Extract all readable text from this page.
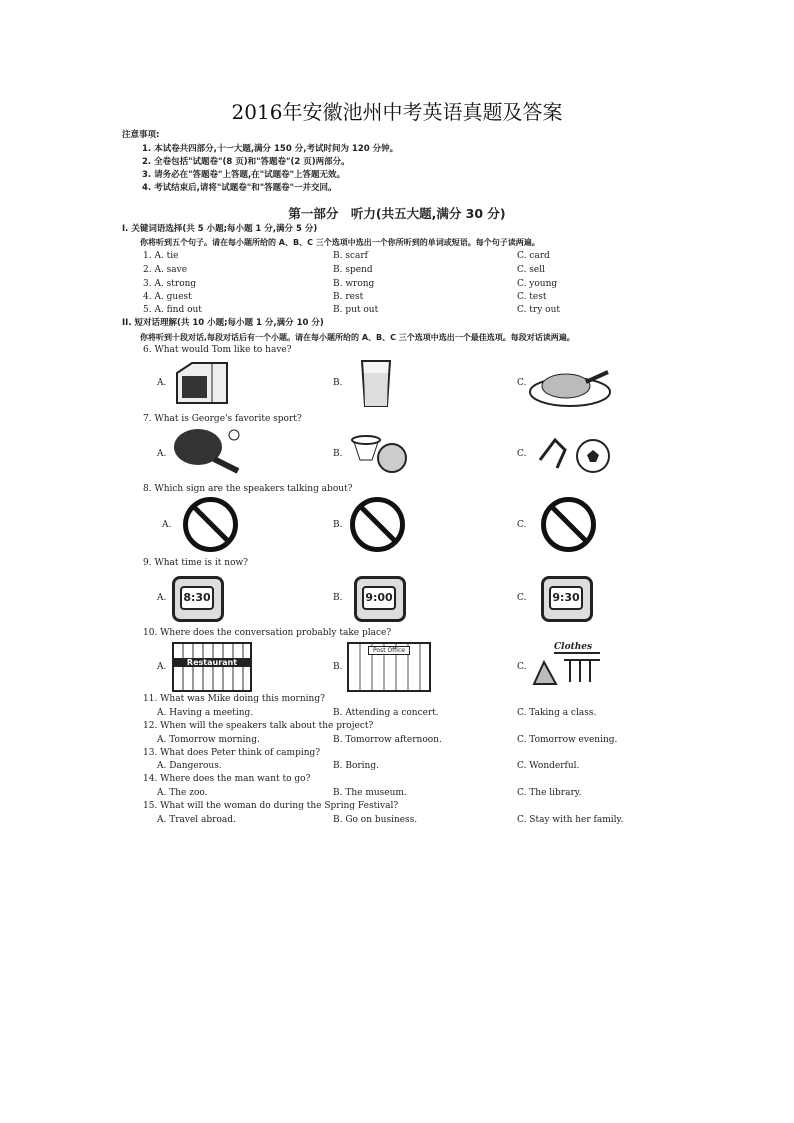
2016年安徽池州中考英语真题及答案
注意事项:
1. 本试卷共四部分,十一大题,满分 150 分,考试时间为 120 分钟。
2. 全卷包括"试题卷"(8 页)和"答题卷"(2 页)两部分。
3. 请务必在"答题卷"上答题,在"试题卷"上答题无效。
4. 考试结束后,请将"试题卷"和"答题卷"一并交回。
第一部分　听力(共五大题,满分 30 分)
I. 关键词语选择(共 5 小题;每小题 1 分,满分 5 分)
你将听到五个句子。请在每小题所给的 A、B、C 三个选项中选出一个你所听到的单词或短语。每个句子读两遍。
1. A. tie	B. scarf	C. card
2. A. save	B. spend	C. sell
3. A. strong	B. wrong	C. young
4. A. guest	B. rest	C. test
5. A. find out	B. put out	C. try out
II. 短对话理解(共 10 小题;每小题 1 分,满分 10 分)
你将听到十段对话,每段对话后有一个小题。请在每小题所给的 A、B、C 三个选项中选出一个最佳选项。每段对话读两遍。
6. What would Tom like to have?
A.	B.	C.
7. What is George's favorite sport?
A.	B.	C.
8. Which sign are the speakers talking about?
A.	B.	C.
9. What time is it now?
A.	B.	C.
8:30	9:00	9:30
10. Where does the conversation probably take place?
A.	B.	C.
Restaurant
Post Office	Clothes
11. What was Mike doing this morning?
A. Having a meeting.	B. Attending a concert.	C. Taking a class.
12. When will the speakers talk about the project?
A. Tomorrow morning.	B. Tomorrow afternoon.	C. Tomorrow evening.
13. What does Peter think of camping?
A. Dangerous.	B. Boring.	C. Wonderful.
14. Where does the man want to go?
A. The zoo.	B. The museum.	C. The library.
15. What will the woman do during the Spring Festival?
A. Travel abroad.	B. Go on business.	C. Stay with her family.
